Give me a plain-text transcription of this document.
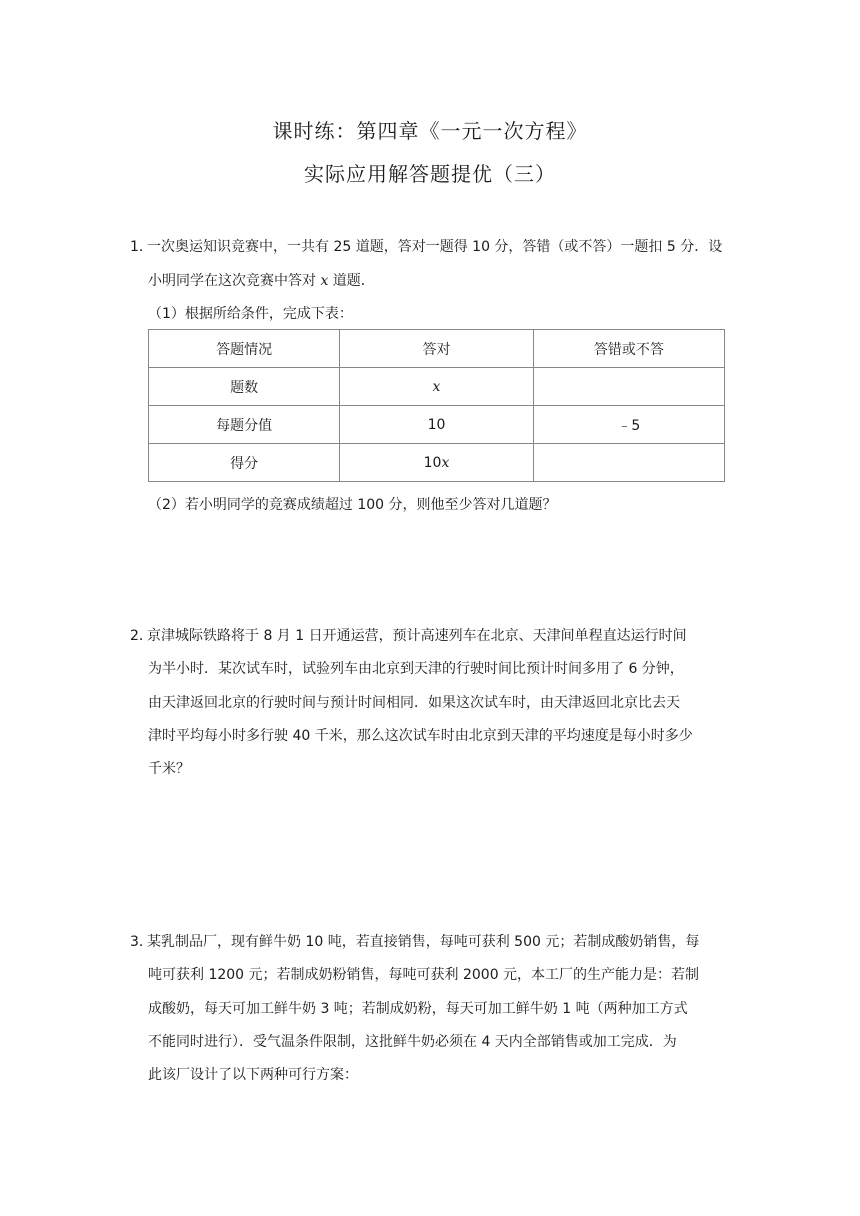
课时练：第四章《一元一次方程》
实际应用解答题提优（三）
1．一次奥运知识竞赛中，一共有 25 道题，答对一题得 10 分，答错（或不答）一题扣 5 分．设
小明同学在这次竞赛中答对 x 道题．
（1）根据所给条件，完成下表：
答题情况	答对	答错或不答
题数	x	
每题分值	10	﹣5
得分	10x	
（2）若小明同学的竞赛成绩超过 100 分，则他至少答对几道题？
2．京津城际铁路将于 8 月 1 日开通运营，预计高速列车在北京、天津间单程直达运行时间
为半小时．某次试车时，试验列车由北京到天津的行驶时间比预计时间多用了 6 分钟，
由天津返回北京的行驶时间与预计时间相同．如果这次试车时，由天津返回北京比去天
津时平均每小时多行驶 40 千米，那么这次试车时由北京到天津的平均速度是每小时多少
千米？
3．某乳制品厂，现有鲜牛奶 10 吨，若直接销售，每吨可获利 500 元；若制成酸奶销售，每
吨可获利 1200 元；若制成奶粉销售，每吨可获利 2000 元，本工厂的生产能力是：若制
成酸奶，每天可加工鲜牛奶 3 吨；若制成奶粉，每天可加工鲜牛奶 1 吨（两种加工方式
不能同时进行）．受气温条件限制，这批鲜牛奶必须在 4 天内全部销售或加工完成．为
此该厂设计了以下两种可行方案：
